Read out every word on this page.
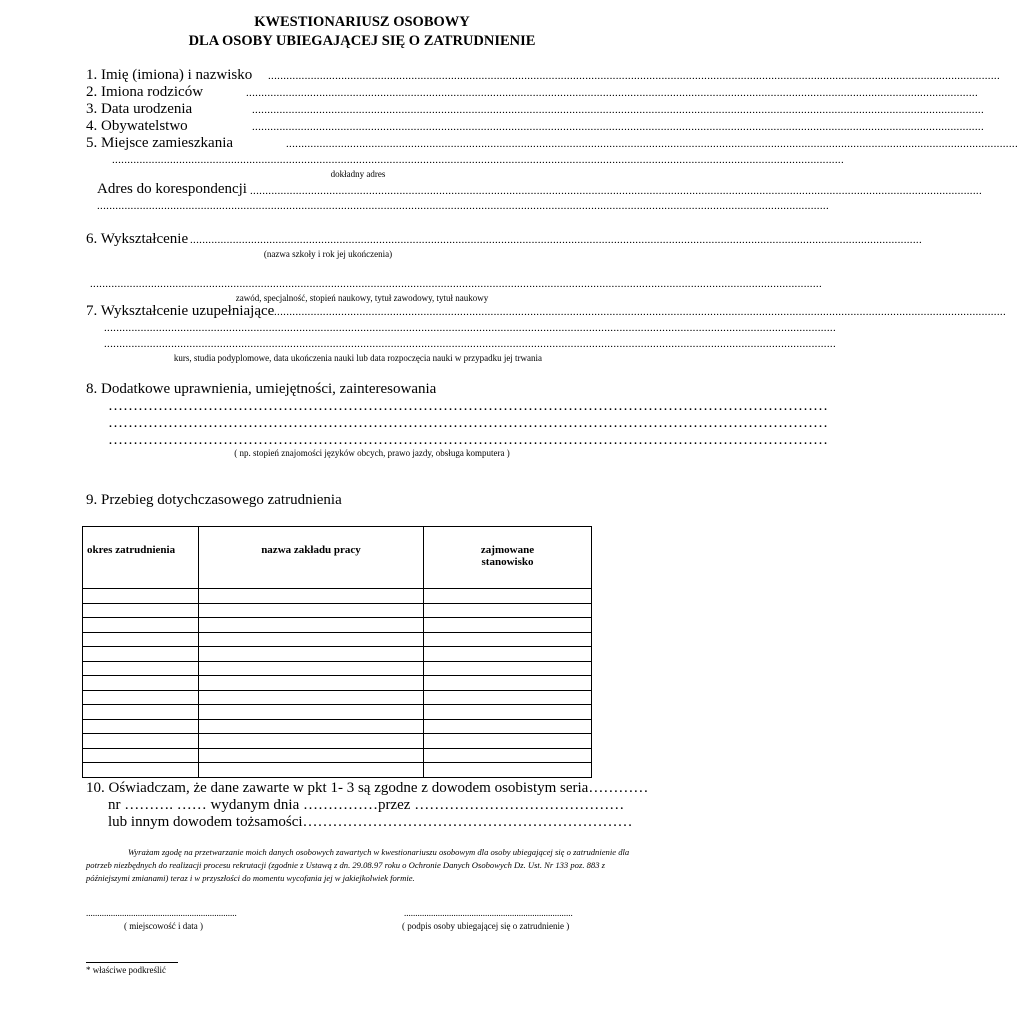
KWESTIONARIUSZ OSOBOWY
DLA OSOBY UBIEGAJĄCEJ SIĘ O ZATRUDNIENIE
1. Imię (imiona) i nazwisko ................................................................................................................................................................................................................................................
2. Imiona rodziców	................................................................................................................................................................................................................................................
3. Data urodzenia	................................................................................................................................................................................................................................................
4. Obywatelstwo	................................................................................................................................................................................................................................................
5. Miejsce zamieszkania	................................................................................................................................................................................................................................................
................................................................................................................................................................................................................................................
dokładny adres
Adres do korespondencji ................................................................................................................................................................................................................................................
................................................................................................................................................................................................................................................
6. Wykształcenie ................................................................................................................................................................................................................................................
(nazwa szkoły i rok jej ukończenia)
................................................................................................................................................................................................................................................
zawód, specjalność, stopień naukowy, tytuł zawodowy, tytuł naukowy
7. Wykształcenie uzupełniające ................................................................................................................................................................................................................................................
................................................................................................................................................................................................................................................
................................................................................................................................................................................................................................................
kurs, studia podyplomowe, data ukończenia nauki lub data rozpoczęcia nauki w przypadku jej trwania
8. Dodatkowe uprawnienia, umiejętności, zainteresowania
………………………………………………………………………………………………………………………………
………………………………………………………………………………………………………………………………
………………………………………………………………………………………………………………………………
( np. stopień znajomości języków obcych, prawo jazdy, obsługa komputera )
9. Przebieg dotychczasowego zatrudnienia
okres zatrudnienia	nazwa zakładu pracy	zajmowane stanowisko

10. Oświadczam, że dane zawarte w pkt 1- 3 są zgodne z dowodem osobistym seria…………
nr ………. …… wydanym dnia ……………przez ……………………………………
lub innym dowodem tożsamości…………………………………………………………
Wyrażam zgodę na przetwarzanie moich danych osobowych zawartych w kwestionariuszu osobowym dla osoby ubiegającej się o zatrudnienie dla potrzeb niezbędnych do realizacji procesu rekrutacji (zgodnie z Ustawą z dn. 29.08.97 roku o Ochronie Danych Osobowych Dz. Ust. Nr 133 poz. 883 z późniejszymi zmianami) teraz i w przyszłości do momentu wycofania jej w jakiejkolwiek formie.
...................................................................
( miejscowość i data )
...........................................................................
( podpis osoby ubiegającej się o zatrudnienie )
* właściwe podkreślić
